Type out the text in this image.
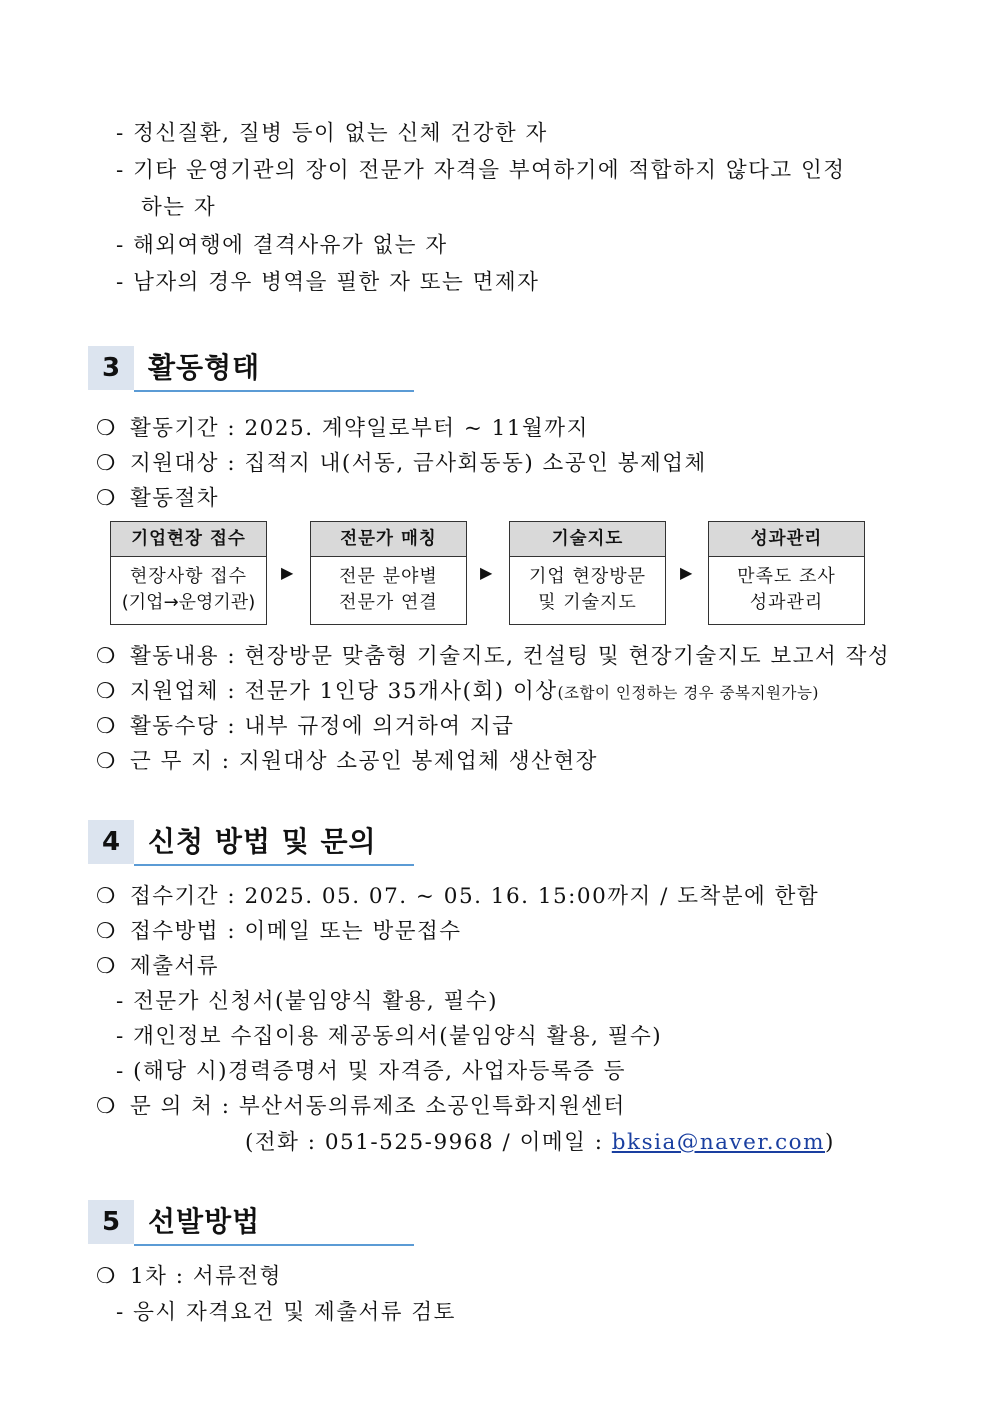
- 정신질환, 질병 등이 없는 신체 건강한 자
- 기타 운영기관의 장이 전문가 자격을 부여하기에 적합하지 않다고 인정
하는 자
- 해외여행에 결격사유가 없는 자
- 남자의 경우 병역을 필한 자 또는 면제자
3 활동형태
❍ 활동기간 : 2025. 계약일로부터 ~ 11월까지
❍ 지원대상 : 집적지 내(서동, 금사회동동) 소공인 봉제업체
❍ 활동절차
기업현장 접수
현장사항 접수
(기업→운영기관)
▶
전문가 매칭
전문 분야별
전문가 연결
▶
기술지도
기업 현장방문
및 기술지도
▶
성과관리
만족도 조사
성과관리
❍ 활동내용 : 현장방문 맞춤형 기술지도, 컨설팅 및 현장기술지도 보고서 작성
❍ 지원업체 : 전문가 1인당 35개사(회) 이상(조합이 인정하는 경우 중복지원가능)
❍ 활동수당 : 내부 규정에 의거하여 지급
❍ 근 무 지 : 지원대상 소공인 봉제업체 생산현장
4 신청 방법 및 문의
❍ 접수기간 : 2025. 05. 07. ~ 05. 16. 15:00까지 / 도착분에 한함
❍ 접수방법 : 이메일 또는 방문접수
❍ 제출서류
- 전문가 신청서(붙임양식 활용, 필수)
- 개인정보 수집이용 제공동의서(붙임양식 활용, 필수)
- (해당 시)경력증명서 및 자격증, 사업자등록증 등
❍ 문 의 처 : 부산서동의류제조 소공인특화지원센터
(전화 : 051-525-9968 / 이메일 : bksia@naver.com)
5 선발방법
❍ 1차 : 서류전형
- 응시 자격요건 및 제출서류 검토
